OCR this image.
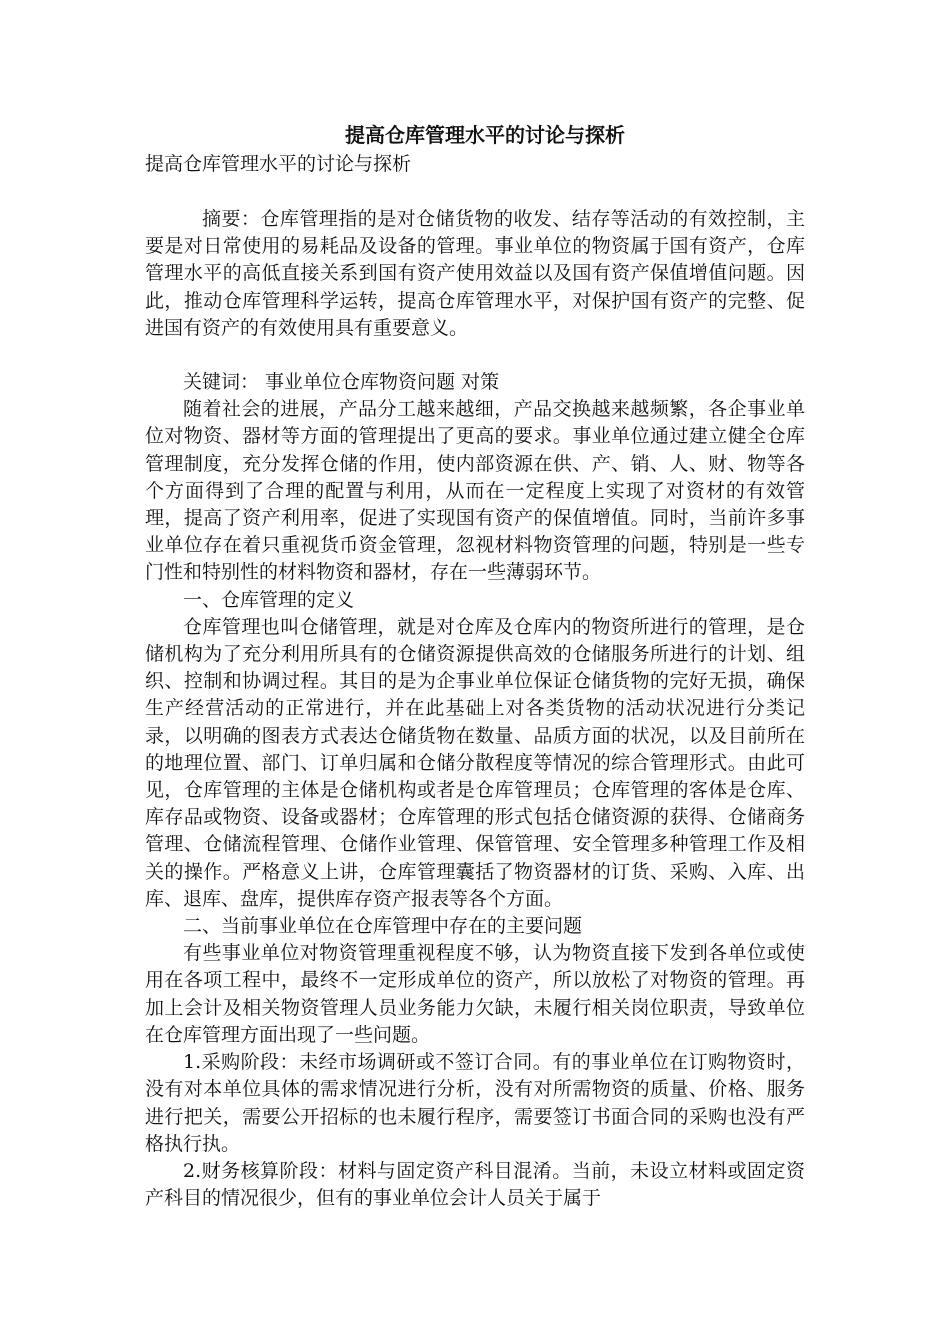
提高仓库管理水平的讨论与探析

提高仓库管理水平的讨论与探析

摘要：仓库管理指的是对仓储货物的收发、结存等活动的有效控制，主要是对日常使用的易耗品及设备的管理。事业单位的物资属于国有资产，仓库管理水平的高低直接关系到国有资产使用效益以及国有资产保值增值问题。因此，推动仓库管理科学运转，提高仓库管理水平，对保护国有资产的完整、促进国有资产的有效使用具有重要意义。

关键词： 事业单位仓库物资问题 对策

随着社会的进展，产品分工越来越细，产品交换越来越频繁，各企事业单位对物资、器材等方面的管理提出了更高的要求。事业单位通过建立健全仓库管理制度，充分发挥仓储的作用，使内部资源在供、产、销、人、财、物等各个方面得到了合理的配置与利用，从而在一定程度上实现了对资材的有效管理，提高了资产利用率，促进了实现国有资产的保值增值。同时，当前许多事业单位存在着只重视货币资金管理，忽视材料物资管理的问题，特别是一些专门性和特别性的材料物资和器材，存在一些薄弱环节。

一、仓库管理的定义

仓库管理也叫仓储管理，就是对仓库及仓库内的物资所进行的管理，是仓储机构为了充分利用所具有的仓储资源提供高效的仓储服务所进行的计划、组织、控制和协调过程。其目的是为企事业单位保证仓储货物的完好无损，确保生产经营活动的正常进行，并在此基础上对各类货物的活动状况进行分类记录，以明确的图表方式表达仓储货物在数量、品质方面的状况，以及目前所在的地理位置、部门、订单归属和仓储分散程度等情况的综合管理形式。由此可见，仓库管理的主体是仓储机构或者是仓库管理员；仓库管理的客体是仓库、库存品或物资、设备或器材；仓库管理的形式包括仓储资源的获得、仓储商务管理、仓储流程管理、仓储作业管理、保管管理、安全管理多种管理工作及相关的操作。严格意义上讲，仓库管理囊括了物资器材的订货、采购、入库、出库、退库、盘库，提供库存资产报表等各个方面。

二、当前事业单位在仓库管理中存在的主要问题

有些事业单位对物资管理重视程度不够，认为物资直接下发到各单位或使用在各项工程中，最终不一定形成单位的资产，所以放松了对物资的管理。再加上会计及相关物资管理人员业务能力欠缺，未履行相关岗位职责，导致单位在仓库管理方面出现了一些问题。

1.采购阶段：未经市场调研或不签订合同。有的事业单位在订购物资时，没有对本单位具体的需求情况进行分析，没有对所需物资的质量、价格、服务进行把关，需要公开招标的也未履行程序，需要签订书面合同的采购也没有严格执行执。

2.财务核算阶段：材料与固定资产科目混淆。当前，未设立材料或固定资产科目的情况很少，但有的事业单位会计人员关于属于
